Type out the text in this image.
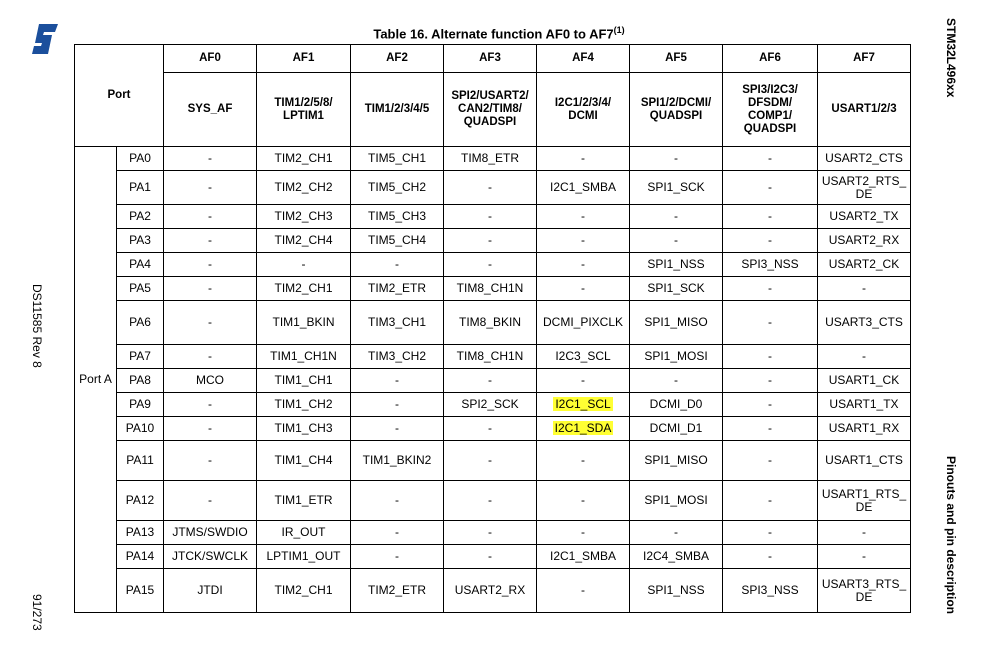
ST
DS11585 Rev 8
91/273
STM32L496xx
Pinouts and pin description
Table 16. Alternate function AF0 to AF7$^{(1)}$
Port		AF0	AF1	AF2	AF3	AF4	AF5	AF6	AF7
		SYS_AF	TIM1/2/5/8/
LPTIM1	TIM1/2/3/4/5	SPI2/USART2/
CAN2/TIM8/
QUADSPI	I2C1/2/3/4/
DCMI	SPI1/2/DCMI/
QUADSPI	SPI3/I2C3/
DFSDM/
COMP1/
QUADSPI	USART1/2/3
Port A	PA0	-	TIM2_CH1	TIM5_CH1	TIM8_ETR	-	-	-	USART2_CTS
	PA1	-	TIM2_CH2	TIM5_CH2	-	I2C1_SMBA	SPI1_SCK	-	USART2_RTS_
DE
	PA2	-	TIM2_CH3	TIM5_CH3	-	-	-	-	USART2_TX
	PA3	-	TIM2_CH4	TIM5_CH4	-	-	-	-	USART2_RX
	PA4	-	-	-	-	-	SPI1_NSS	SPI3_NSS	USART2_CK
	PA5	-	TIM2_CH1	TIM2_ETR	TIM8_CH1N	-	SPI1_SCK	-	-
	PA6	-	TIM1_BKIN	TIM3_CH1	TIM8_BKIN	DCMI_PIXCLK	SPI1_MISO	-	USART3_CTS
	PA7	-	TIM1_CH1N	TIM3_CH2	TIM8_CH1N	I2C3_SCL	SPI1_MOSI	-	-
	PA8	MCO	TIM1_CH1	-	-	-	-	-	USART1_CK
	PA9	-	TIM1_CH2	-	SPI2_SCK	I2C1_SCL	DCMI_D0	-	USART1_TX
	PA10	-	TIM1_CH3	-	-	I2C1_SDA	DCMI_D1	-	USART1_RX
	PA11	-	TIM1_CH4	TIM1_BKIN2	-	-	SPI1_MISO	-	USART1_CTS
	PA12	-	TIM1_ETR	-	-	-	SPI1_MOSI	-	USART1_RTS_
DE
	PA13	JTMS/SWDIO	IR_OUT	-	-	-	-	-	-
	PA14	JTCK/SWCLK	LPTIM1_OUT	-	-	I2C1_SMBA	I2C4_SMBA	-	-
	PA15	JTDI	TIM2_CH1	TIM2_ETR	USART2_RX	-	SPI1_NSS	SPI3_NSS	USART3_RTS_
DE
